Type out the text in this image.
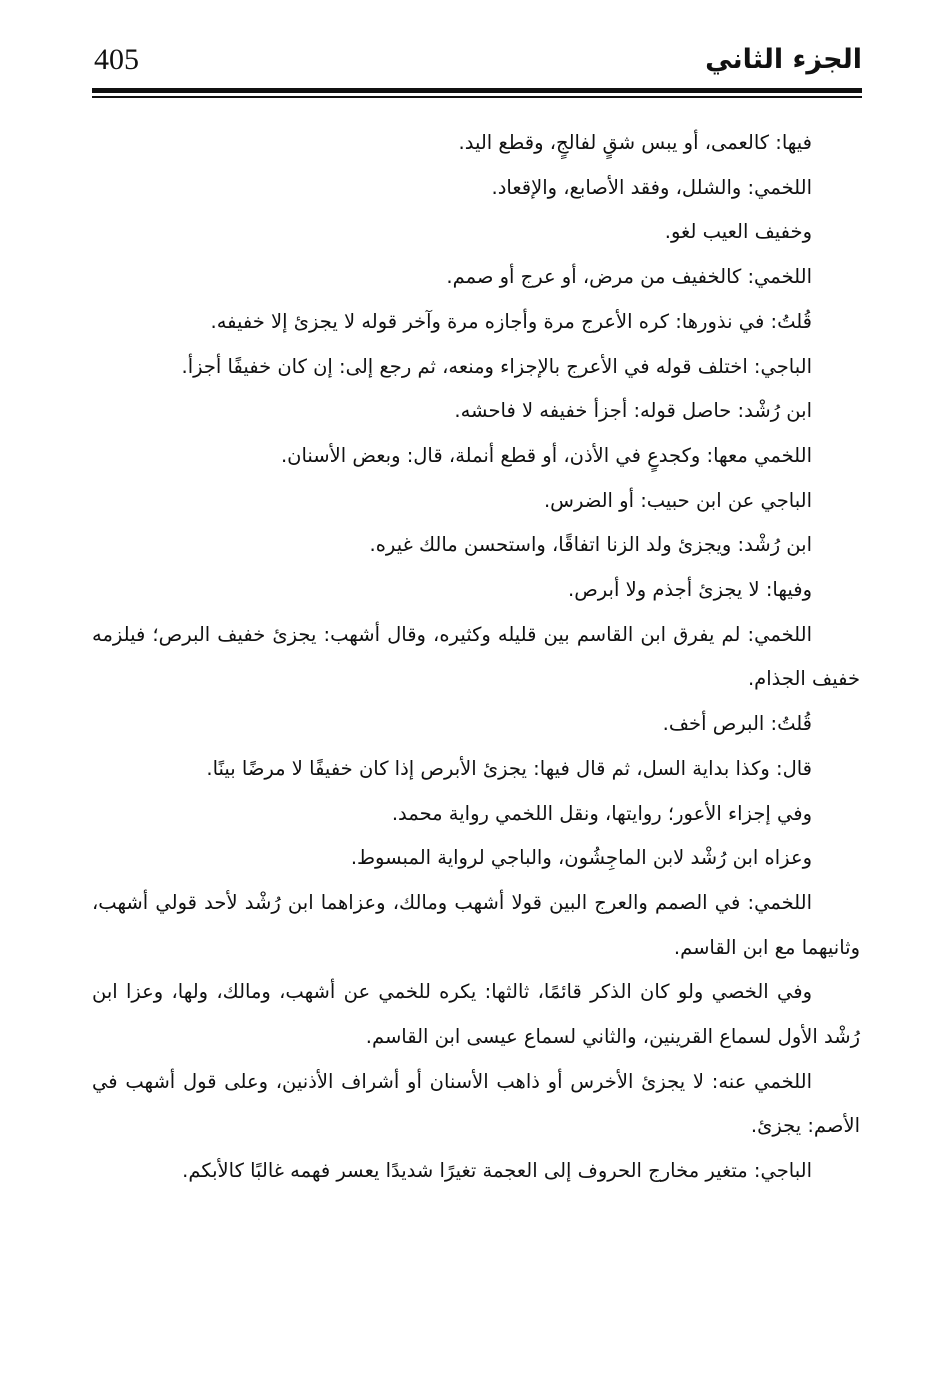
405	الجزء الثاني

فيها: كالعمى، أو يبس شقٍ لفالجٍ، وقطع اليد.

اللخمي: والشلل، وفقد الأصابع، والإقعاد.

وخفيف العيب لغو.

اللخمي: كالخفيف من مرض، أو عرج أو صمم.

قُلتُ: في نذورها: كره الأعرج مرة وأجازه مرة وآخر قوله لا يجزئ إلا خفيفه.

الباجي: اختلف قوله في الأعرج بالإجزاء ومنعه، ثم رجع إلى: إن كان خفيفًا أجزأ.

ابن رُشْد: حاصل قوله: أجزأ خفيفه لا فاحشه.

اللخمي معها: وكجدعٍ في الأذن، أو قطع أنملة، قال: وبعض الأسنان.

الباجي عن ابن حبيب: أو الضرس.

ابن رُشْد: ويجزئ ولد الزنا اتفاقًا، واستحسن مالك غيره.

وفيها: لا يجزئ أجذم ولا أبرص.

اللخمي: لم يفرق ابن القاسم بين قليله وكثيره، وقال أشهب: يجزئ خفيف البرص؛ فيلزمه خفيف الجذام.

قُلتُ: البرص أخف.

قال: وكذا بداية السل، ثم قال فيها: يجزئ الأبرص إذا كان خفيفًا لا مرضًا بينًا.

وفي إجزاء الأعور؛ روايتها، ونقل اللخمي رواية محمد.

وعزاه ابن رُشْد لابن الماجِشُون، والباجي لرواية المبسوط.

اللخمي: في الصمم والعرج البين قولا أشهب ومالك، وعزاهما ابن رُشْد لأحد قولي أشهب، وثانيهما مع ابن القاسم.

وفي الخصي ولو كان الذكر قائمًا، ثالثها: يكره للخمي عن أشهب، ومالك، ولها، وعزا ابن رُشْد الأول لسماع القرينين، والثاني لسماع عيسى ابن القاسم.

اللخمي عنه: لا يجزئ الأخرس أو ذاهب الأسنان أو أشراف الأذنين، وعلى قول أشهب في الأصم: يجزئ.

الباجي: متغير مخارج الحروف إلى العجمة تغيرًا شديدًا يعسر فهمه غالبًا كالأبكم.
